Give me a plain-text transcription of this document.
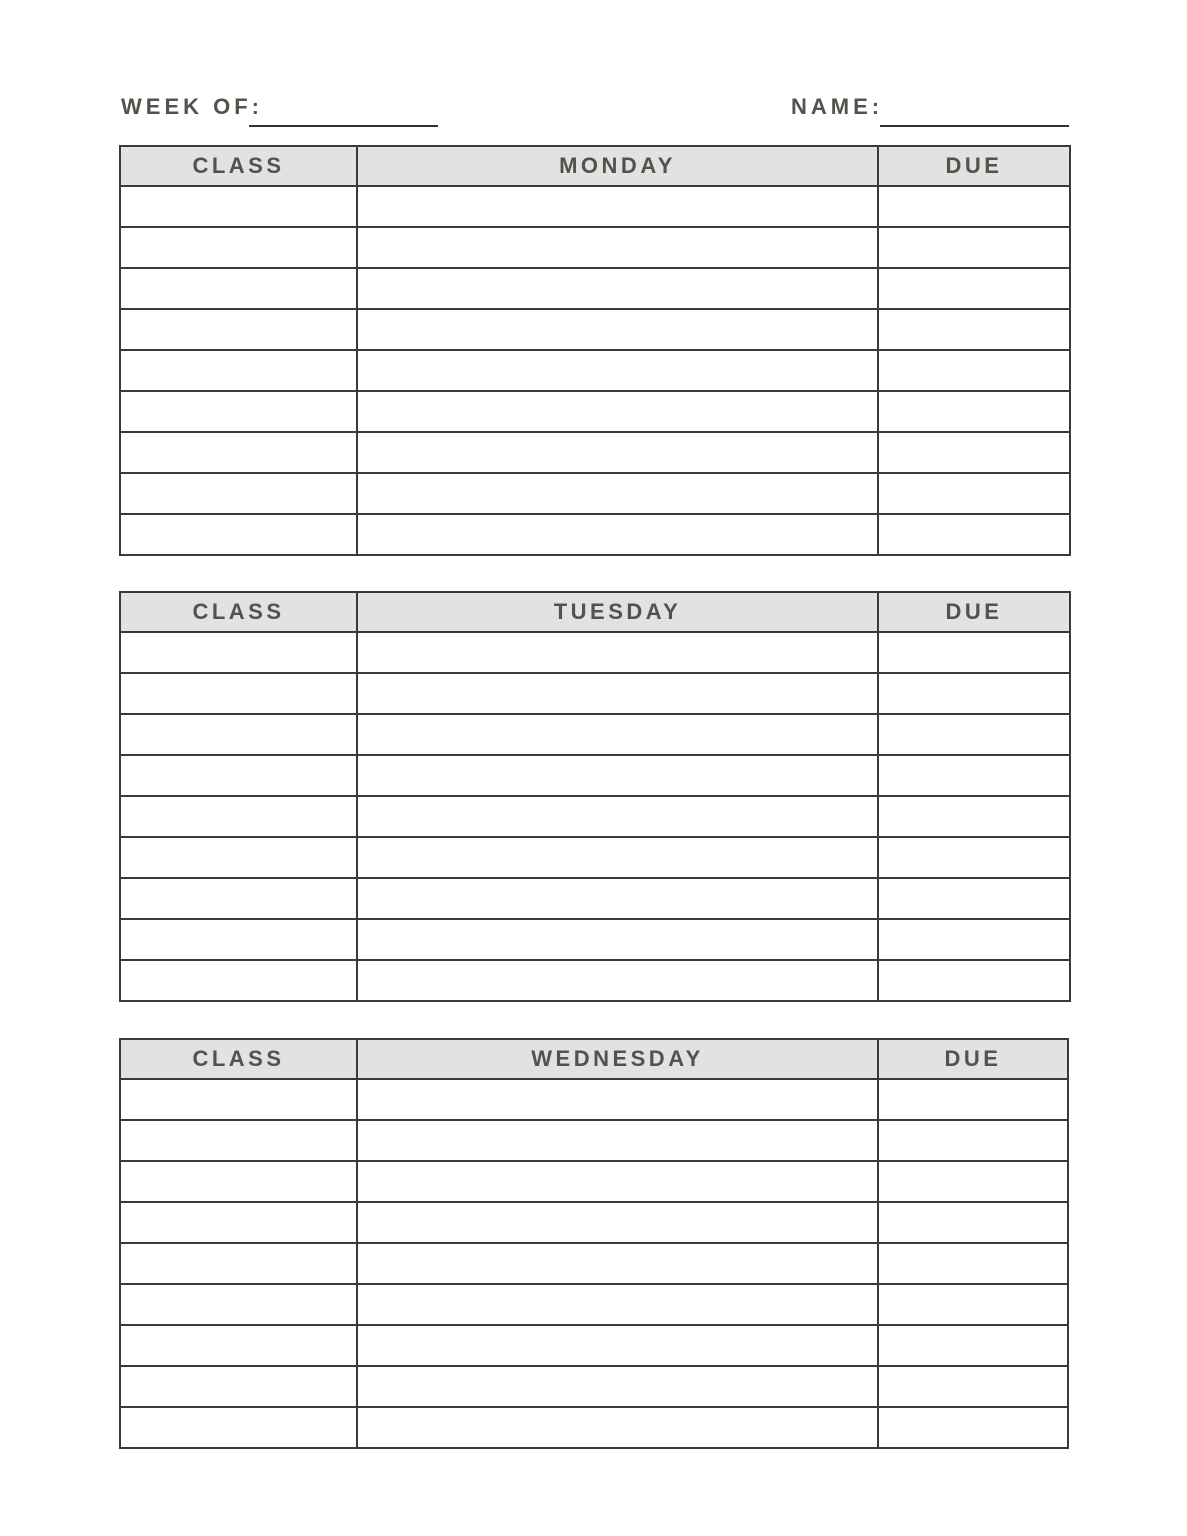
WEEK OF:	NAME:
CLASS	MONDAY	DUE

CLASS	TUESDAY	DUE

CLASS	WEDNESDAY	DUE
